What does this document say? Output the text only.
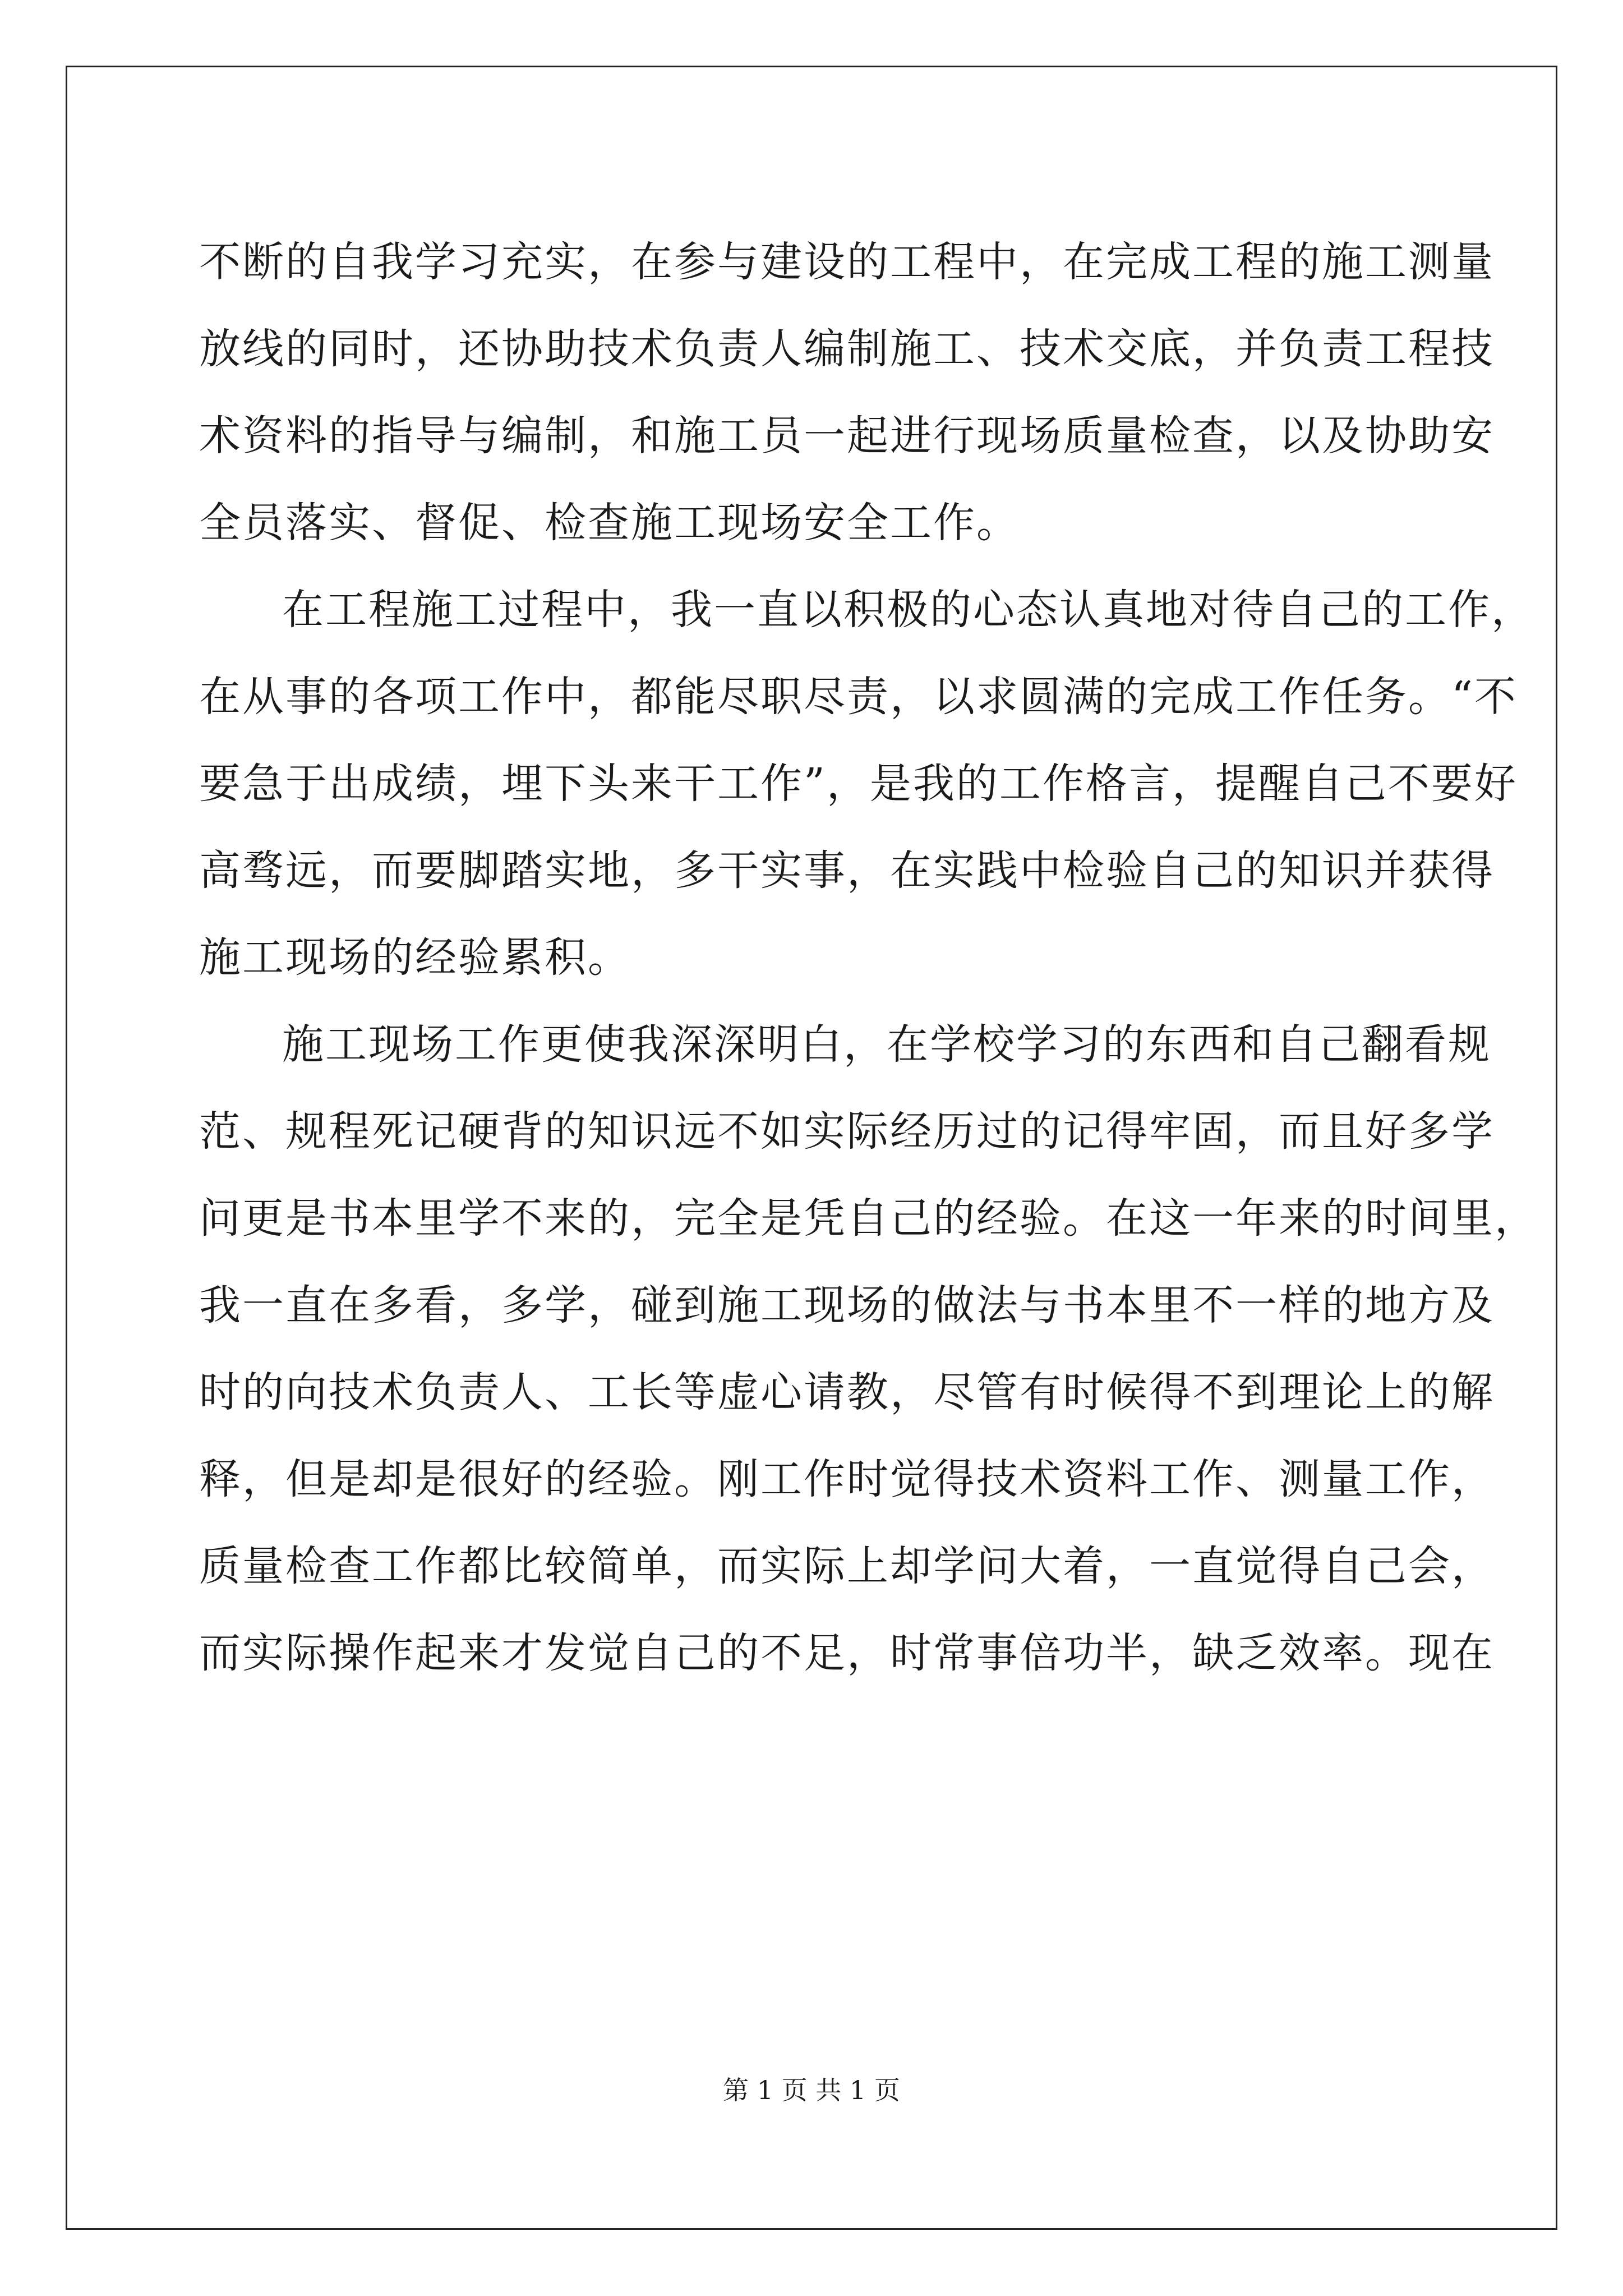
不断的自我学习充实，在参与建设的工程中，在完成工程的施工测量
放线的同时，还协助技术负责人编制施工、技术交底，并负责工程技
术资料的指导与编制，和施工员一起进行现场质量检查，以及协助安
全员落实、督促、检查施工现场安全工作。
在工程施工过程中，我一直以积极的心态认真地对待自己的工作，
在从事的各项工作中，都能尽职尽责，以求圆满的完成工作任务。“不
要急于出成绩，埋下头来干工作”，是我的工作格言，提醒自己不要好
高骛远，而要脚踏实地，多干实事，在实践中检验自己的知识并获得
施工现场的经验累积。
施工现场工作更使我深深明白，在学校学习的东西和自己翻看规
范、规程死记硬背的知识远不如实际经历过的记得牢固，而且好多学
问更是书本里学不来的，完全是凭自己的经验。在这一年来的时间里，
我一直在多看，多学，碰到施工现场的做法与书本里不一样的地方及
时的向技术负责人、工长等虚心请教，尽管有时候得不到理论上的解
释，但是却是很好的经验。刚工作时觉得技术资料工作、测量工作，
质量检查工作都比较简单，而实际上却学问大着，一直觉得自己会，
而实际操作起来才发觉自己的不足，时常事倍功半，缺乏效率。现在
第 1 页 共 1 页
